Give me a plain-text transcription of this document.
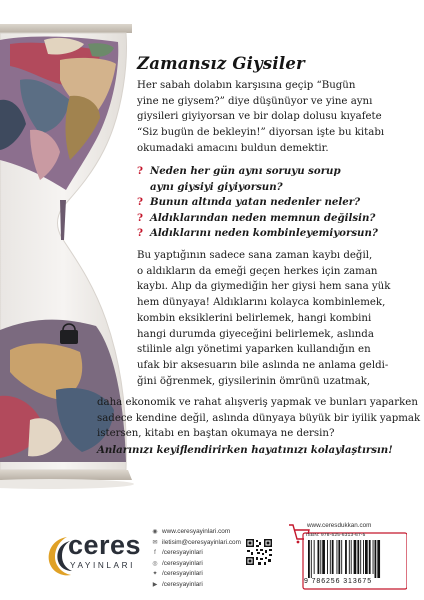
Zamansız Giysiler
Her sabah dolabın karşısına geçip “Bugün
yine ne giysem?” diye düşünüyor ve yine aynı
giysileri giyiyorsan ve bir dolap dolusu kıyafete
“Siz bugün de bekleyin!” diyorsan işte bu kitabı
okumadaki amacını buldun demektir.
? Neden her gün aynı soruyu sorup
aynı giysiyi giyiyorsun?
? Bunun altında yatan nedenler neler?
? Aldıklarından neden memnun değilsin?
? Aldıklarını neden kombinleyemiyorsun?
Bu yaptığının sadece sana zaman kaybı değil,
o aldıkların da emeği geçen herkes için zaman
kaybı. Alıp da giymediğin her giysi hem sana yük
hem dünyaya! Aldıklarını kolayca kombinlemek,
kombin eksiklerini belirlemek, hangi kombini
hangi durumda giyeceğini belirlemek, aslında
stilinle algı yönetimi yaparken kullandığın en
ufak bir aksesuarın bile aslında ne anlama geldi-
ğini öğrenmek, giysilerinin ömrünü uzatmak,
daha ekonomik ve rahat alışveriş yapmak ve bunları yaparken
sadece kendine değil, aslında dünyaya büyük bir iyilik yapmak
istersen, kitabı en baştan okumaya ne dersin?
Anlarınızı keyiflendirirken hayatınızı kolaylaştırsın!
ceres
YAYINLARI
◉ www.ceresyayinlari.com
✉ iletisim@ceresyayinlari.com
f /ceresyayinlari
◎ /ceresyayinlari
✦ /ceresyayinlari
▶ /ceresyayinlari
www.ceresdukkan.com
ISBN: 978-625-6313-67-5
9 786256 313675
